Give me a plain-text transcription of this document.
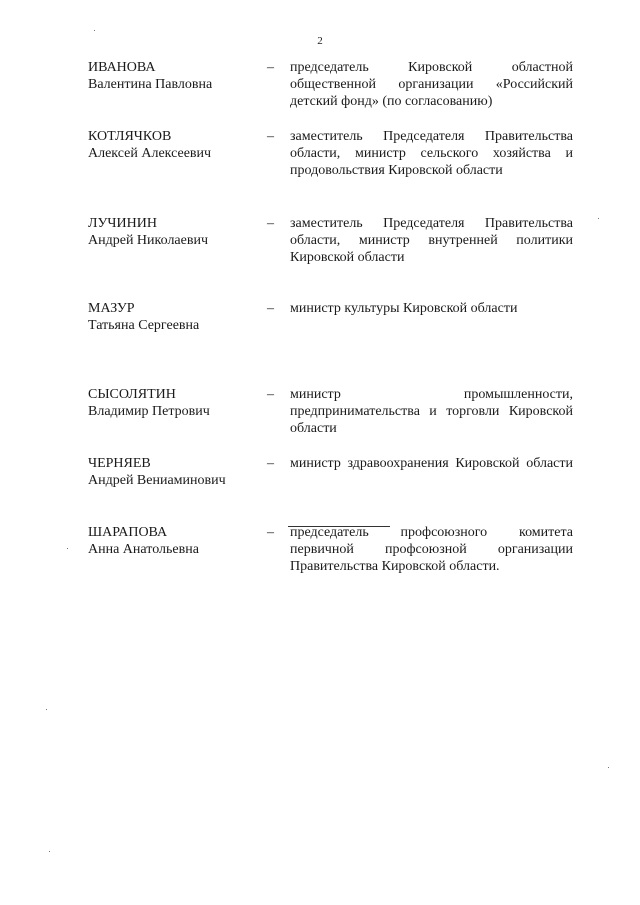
2
ИВАНОВА
Валентина Павловна
– председатель Кировской областной общественной организации «Российский детский фонд» (по согласованию)
КОТЛЯЧКОВ
Алексей Алексеевич
– заместитель Председателя Правительства области, министр сельского хозяйства и продовольствия Кировской области
ЛУЧИНИН
Андрей Николаевич
– заместитель Председателя Правительства области, министр внутренней политики Кировской области
МАЗУР
Татьяна Сергеевна
– министр культуры Кировской области
СЫСОЛЯТИН
Владимир Петрович
– министр промышленности, предпринимательства и торговли Кировской области
ЧЕРНЯЕВ
Андрей Вениаминович
– министр здравоохранения Кировской области
ШАРАПОВА
Анна Анатольевна
– председатель профсоюзного комитета первичной профсоюзной организации Правительства Кировской области.
